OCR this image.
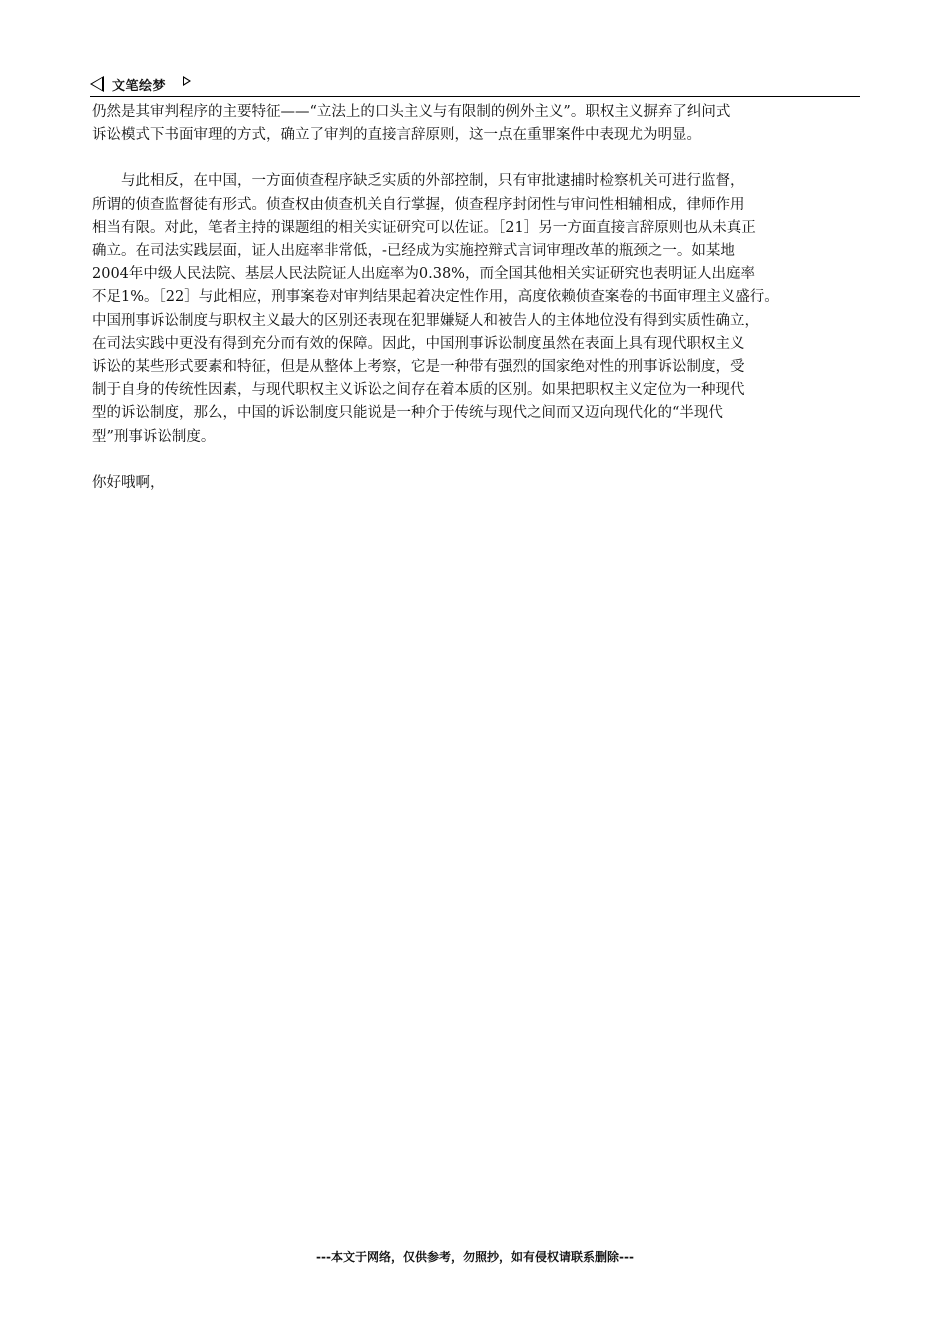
文笔绘梦

仍然是其审判程序的主要特征——“立法上的口头主义与有限制的例外主义”。职权主义摒弃了纠问式
诉讼模式下书面审理的方式，确立了审判的直接言辞原则，这一点在重罪案件中表现尤为明显。

与此相反，在中国，一方面侦查程序缺乏实质的外部控制，只有审批逮捕时检察机关可进行监督，
所谓的侦查监督徒有形式。侦查权由侦查机关自行掌握，侦查程序封闭性与审问性相辅相成，律师作用
相当有限。对此，笔者主持的课题组的相关实证研究可以佐证。［21］另一方面直接言辞原则也从未真正
确立。在司法实践层面，证人出庭率非常低，-已经成为实施控辩式言词审理改革的瓶颈之一。如某地
2004年中级人民法院、基层人民法院证人出庭率为0.38%，而全国其他相关实证研究也表明证人出庭率
不足1%。［22］与此相应，刑事案卷对审判结果起着决定性作用，高度依赖侦查案卷的书面审理主义盛行。
中国刑事诉讼制度与职权主义最大的区别还表现在犯罪嫌疑人和被告人的主体地位没有得到实质性确立，
在司法实践中更没有得到充分而有效的保障。因此，中国刑事诉讼制度虽然在表面上具有现代职权主义
诉讼的某些形式要素和特征，但是从整体上考察，它是一种带有强烈的国家绝对性的刑事诉讼制度，受
制于自身的传统性因素，与现代职权主义诉讼之间存在着本质的区别。如果把职权主义定位为一种现代
型的诉讼制度，那么，中国的诉讼制度只能说是一种介于传统与现代之间而又迈向现代化的“半现代
型”刑事诉讼制度。

你好哦啊，

---本文于网络，仅供参考，勿照抄，如有侵权请联系删除---
